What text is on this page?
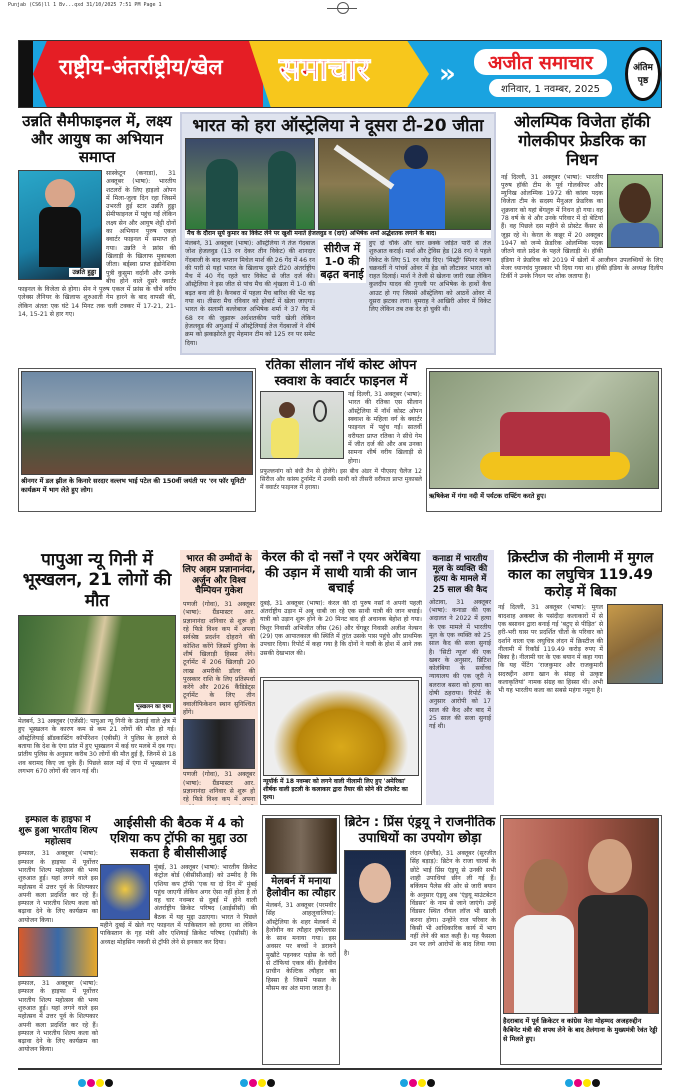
Punjab (CS6)ll 1 Bv...qxd 31/10/2025 7:51 PM Page 1
राष्ट्रीय-अंतर्राष्ट्रीय/खेल समाचार	»	अजीत समाचार
शनिवार, 1 नवम्बर, 2025
अंतिम पृष्ठ
उन्नति सैमीफाइनल में, लक्ष्य और आयुष का अभियान समाप्त
उन्नति हुड्डा
सास्केटून (कनाडा), 31 अक्तूबर (भाषा): भारतीय शटलरों के लिए हाइलो ओपन में मिला-जुला दिन रहा जिसमें उभरती हुई स्टार उन्नति हुड्डा सेमीफाइनल में पहुंच गईं लेकिन लक्ष्य सेन और आयुष शेट्टी दोनों का अभियान पुरुष एकल क्वार्टर फाइनल में समाप्त हो गया। उन्नति ने फ्रांस की खिलाड़ी के खिलाफ मुकाबला जीता। बर्ड्स्वा प्राप्त इंडोनेशिया पुत्री कुसुमा वर्दानी और उनके बीच होने वाले दूसरे क्वार्टर फाइनल के विजेता से होगा। सेन ने पुरुष एकल में फ्रांस के चौथे वरीय एलेक्स लैनियर के खिलाफ शुरुआती गेम हारने के बाद वापसी की, लेकिन अंततः एक घंटे 14 मिनट तक चली टक्कर में 17-21, 21-14, 15-21 से हार गए।
भारत को हरा ऑस्ट्रेलिया ने दूसरा टी-20 जीता
मैच के दौरान सूर्य कुमार का विकेट लेने पर खुशी मनाते हेजलवुड व (दाएं) अभिषेक शर्मा अर्द्धशतक लगाने के बाद।
मेलबर्न, 31 अक्तूबर (भाषा): ऑस्ट्रेलिया ने तेज गेंदबाज जोश हेजलवुड (13 रन देकर तीन विकेट) की शानदार गेंदबाजी के बाद कप्तान मिचेल मार्श की 26 गेंद में 46 रन की पारी से यहां भारत के खिलाफ दूसरे टी20 अंतर्राष्ट्रीय मैच में 40 गेंद रहते चार विकेट से जीत दर्ज की। ऑस्ट्रेलिया ने इस जीत से पांच मैच की शृंखला में 1-0 की बढ़त बना ली है। कैनबरा में पहला मैच बारिश की भेंट चढ़ गया था। तीसरा मैच रविवार को होबार्ट में खेला जाएगा। भारत के सलामी बल्लेबाज अभिषेक शर्मा ने 37 गेंद में 68 रन की जुझारू अर्धशतकीय पारी खेली लेकिन हेजलवुड की अगुआई में ऑस्ट्रेलियाई तेज गेंदबाजों ने शीर्ष क्रम को झकझोरते हुए मेहमान टीम को 125 रन पर समेट दिया।
सीरीज में 1-0 की बढ़त बनाई
हुए दो चौके और चार छक्के जड़ित पारी से तेज शुरुआत कराई। मार्श और ट्रेविस हेड (28 रन) ने पहले विकेट के लिए 51 रन जोड़ दिए। 'मिस्ट्री' स्पिनर वरुण चक्रवर्ती ने पांचवें ओवर में हेड को लौटाकर भारत को राहत दिलाई। मार्श ने तेजी से खेलना जारी रखा लेकिन कुलदीप यादव की गुगली पर अभिषेक के हाथों कैच आउट हो गए जिससे ऑस्ट्रेलिया को आठवें ओवर में दूसरा झटका लगा। बुमराह ने आखिरी ओवर में विकेट लिए लेकिन तब तक देर हो चुकी थी।
ओलम्पिक विजेता हॉकी गोलकीपर फ्रेडरिक का निधन
नई दिल्ली, 31 अक्तूबर (भाषा): भारतीय पुरुष हॉकी टीम के पूर्व गोलकीपर और म्युनिख ओलम्पिक 1972 की कांस्य पदक विजेता टीम के सदस्य मैनुअल फ्रेडरिक का शुक्रवार को यहां बेंगलुरु में निधन हो गया। वह 78 वर्ष के थे और उनके परिवार में दो बेटियां हैं। वह पिछले दस महीने से प्रोस्टेट कैंसर से जूझ रहे थे। केरल के कन्नूर में 20 अक्तूबर 1947 को जन्मे फ्रेडरिक ओलम्पिक पदक जीतने वाले प्रदेश के पहले खिलाड़ी थे। हॉकी इंडिया ने फ्रेडरिक को 2019 में खेलों में आजीवन उपलब्धियों के लिए मेजर ध्यानचंद पुरस्कार भी दिया गया था। हॉकी इंडिया के अध्यक्ष दिलीप टिर्की ने उनके निधन पर शोक जताया है।
श्रीनगर में डल झील के किनारे सरदार वल्लभ भाई पटेल की 150वीं जयंती पर 'रन फॉर यूनिटी' कार्यक्रम में भाग लेते हुए लोग।
रतिका सीलान नॉर्थ कोस्ट ओपन स्क्वाश के क्वार्टर फाइनल में
नई दिल्ली, 31 अक्तूबर (भाषा): भारत की रतिका एस सीलान ऑस्ट्रेलिया में नॉर्थ कोस्ट ओपन स्क्वाश के महिला वर्ग के क्वार्टर फाइनल में पहुंच गईं। सातवीं वरीयता प्राप्त रतिका ने सीधे गेम में जीत दर्ज की और अब उनका सामना शीर्ष वरीय खिलाड़ी से होगा।
प्रफुल्लनांग को बंधी तैन से होलेंगे। इस बीच अंडर में पीएसए चैलेंज 12 सिरीज और कांस्य टूर्नामेंट में उनकी साथी को तीसरी वरीयता प्राप्त मुकाबले में क्वार्टर फाइनल में हराया।
ऋषिकेश में गंगा नदी में पर्यटक राफ्टिंग करते हुए।
पापुआ न्यू गिनी में भूस्खलन, 21 लोगों की मौत
भूस्खलन का दृश्य
मेलबर्न, 31 अक्तूबर (एजेंसी): पापुआ न्यू गिनी के ऊंचाई वाले क्षेत्र में हुए भूस्खलन के कारण कम से कम 21 लोगों की मौत हो गई। ऑस्ट्रेलियाई ब्रॉडकास्टिंग कॉर्पोरेशन (एबीसी) ने पुलिस के हवाले से बताया कि देश के एंगा प्रांत में हुए भूस्खलन में कई घर मलबे में दब गए। प्रांतीय पुलिस के अनुसार करीब 30 लोगों की मौत हुई है, जिनमें से 18 शव बरामद किए जा चुके हैं। पिछले साल मई में एंगा में भूस्खलन में लगभग 670 लोगों की जान गई थी।
भारत की उम्मीदों के लिए अहम प्रज्ञानानंदा, अर्जुन और विश्व चैम्पियन गुकेश
पणजी (गोवा), 31 अक्तूबर (भाषा): ग्रैंडमास्टर आर. प्रज्ञानानंदा शनिवार से शुरू हो रहे फिडे विश्व कप में अपना सर्वश्रेष्ठ प्रदर्शन दोहराने की कोशिश करेंगे जिसमें दुनिया के शीर्ष खिलाड़ी हिस्सा लेंगे। टूर्नामेंट में 206 खिलाड़ी 20 लाख अमरीकी डॉलर की पुरस्कार राशि के लिए प्रतिस्पर्धा करेंगे और 2026 कैंडिडेट्स टूर्नामेंट के लिए तीन क्वालीफिकेशन स्थान सुनिश्चित होंगे।
पणजी (गोवा), 31 अक्तूबर (भाषा): ग्रैंडमास्टर आर. प्रज्ञानानंदा शनिवार से शुरू हो रहे फिडे विश्व कप में अपना
केरल की दो नर्सों ने एयर अरेबिया की उड़ान में साथी यात्री की जान बचाई
दुबई, 31 अक्तूबर (भाषा): केरल की दो पुरुष नर्सों ने अपनी पहली अंतर्राष्ट्रीय उड़ान में अबु धाबी जा रहे एक साथी यात्री की जान बचाई। यात्री को उड़ान शुरू होने के 20 मिनट बाद ही अचानक बेहोश हो गया। त्रिशूर निवासी अभिजीत जीस (26) और चेंगन्नूर निवासी अजीश नेल्सन (29) एक आपातकाल की स्थिति में तुरंत उसके पास पहुंचे और प्राथमिक उपचार दिया। रिपोर्ट में कहा गया है कि दोनों ने यात्री के होश में आने तक उसकी देखभाल की।
न्यूयॉर्क में 18 नवम्बर को लगने वाली नीलामी लिए हुए 'अमेरिका' शीर्षक वाली इटली के कलाकार द्वारा तैयार की सोने की टॉयलेट का दृश्य।
कनाडा में भारतीय मूल के व्यक्ति की हत्या के मामले में 25 साल की कैद
ओटावा, 31 अक्तूबर (भाषा): कनाडा की एक अदालत ने 2022 में हत्या के एक मामले में भारतीय मूल के एक व्यक्ति को 25 साल कैद की सजा सुनाई है। 'सिटी न्यूज' की एक खबर के अनुसार, ब्रिटिश कोलंबिया के सर्वोच्च न्यायालय की एक जूरी ने बलराज बसरा को हत्या का दोषी ठहराया। रिपोर्ट के अनुसार आरोपी को 17 साल की कैद और बाद में 25 साल की सजा सुनाई गई थी।
क्रिस्टीज की नीलामी में मुगल काल का लघुचित्र 119.49 करोड़ में बिका
नई दिल्ली, 31 अक्तूबर (भाषा): मुगल बादशाह अकबर के पसंदीदा कलाकारों में से एक बसावन द्वारा बनाई गई ‘बटुए से पीड़ित’ से हरी-भरी घास पर प्रदर्शित चीतों के परिवार को दर्शाने वाला एक लघुचित्र लंदन में क्रिस्टीज की नीलामी में रिकॉर्ड 119.49 करोड़ रुपए में बिका है। नीलामी घर के एक बयान में कहा गया कि यह पेंटिंग ‘राजकुमार और राजकुमारी सदरुद्दीन आगा खान के संग्रह से उत्कृष्ट कलाकृतियां’ नामक संग्रह का हिस्सा थी। अभी भी यह भारतीय कला का सबसे महंगा नमूना है।
इम्फाल के हाइफा में शुरू हुआ भारतीय शिल्प महोत्सव
इम्फाल, 31 अक्तूबर (भाषा): इम्फाल के हाइफा में पूर्वोत्तर भारतीय शिल्प महोत्सव की भव्य शुरुआत हुई। यहां लगने वाले इस महोत्सव में उत्तर पूर्व के शिल्पकार अपनी कला प्रदर्शित कर रहे हैं। इम्फाल ने भारतीय शिल्प कला को बढ़ावा देने के लिए कार्यक्रम का आयोजन किया।
इम्फाल, 31 अक्तूबर (भाषा): इम्फाल के हाइफा में पूर्वोत्तर भारतीय शिल्प महोत्सव की भव्य शुरुआत हुई। यहां लगने वाले इस महोत्सव में उत्तर पूर्व के शिल्पकार अपनी कला प्रदर्शित कर रहे हैं। इम्फाल ने भारतीय शिल्प कला को बढ़ावा देने के लिए कार्यक्रम का आयोजन किया।
आईसीसी की बैठक में 4 को एशिया कप ट्रॉफी का मुद्दा उठा सकता है बीसीसीआई
मुंबई, 31 अक्तूबर (भाषा): भारतीय क्रिकेट कंट्रोल बोर्ड (बीसीसीआई) को उम्मीद है कि एशिया कप ट्रॉफी ‘एक या दो दिन में’ मुंबई पहुंच जाएगी लेकिन अगर ऐसा नहीं होता है तो वह चार नवम्बर से दुबई में होने वाली अंतर्राष्ट्रीय क्रिकेट परिषद (आईसीसी) की बैठक में यह मुद्दा उठाएगा। भारत ने पिछले महीने दुबई में खेले गए फाइनल में पाकिस्तान को हराया था लेकिन पाकिस्तान के गृह मंत्री और एशियाई क्रिकेट परिषद (एसीसी) के अध्यक्ष मोहसिन नकवी से ट्रॉफी लेने से इनकार कर दिया।
मेलबर्न में मनाया हैलोवीन का त्यौहार
मेलबर्न, 31 अक्तूबर (परमवीर सिंह आहलूवालिया): ऑस्ट्रेलिया के शहर मेलबर्न में हैलोवीन का त्यौहार हर्षोल्लास के साथ मनाया गया। इस अवसर पर बच्चों ने डरावने मुखौटे पहनकर पड़ोस के घरों से टॉफियां एकत्र कीं। हैलोवीन प्राचीन केल्टिक त्यौहार का हिस्सा है जिसमें फसल के मौसम का अंत माना जाता है।
ब्रिटेन : प्रिंस एंड्रयू ने राजनीतिक उपाधियों का उपयोग छोड़ा
लंदन (इंग्लैंड), 31 अक्तूबर (सुरजीत सिंह बड़ाड़): ब्रिटेन के राजा चार्ल्स के छोटे भाई प्रिंस एंड्रयू से उनकी सभी शाही उपाधियां छीन ली गई हैं। बकिंघम पैलेस की ओर से जारी बयान के अनुसार एंड्रयू अब ‘एंड्रयू माउंटबेटन विंडसर’ के नाम से जाने जाएंगे। उन्हें विंडसर स्थित रॉयल लॉज भी खाली करना होगा। उन्होंने राज परिवार के किसी भी आधिकारिक कार्य में भाग नहीं लेने की बात कही है। यह फैसला उन पर लगे आरोपों के बाद लिया गया है।
हैदराबाद में पूर्व क्रिकेटर व कांग्रेस नेता मोहम्मद अजहरुद्दीन कैबिनेट मंत्री की शपथ लेने के बाद तेलंगाना के मुख्यमंत्री रेवंत रेड्डी से मिलते हुए।
